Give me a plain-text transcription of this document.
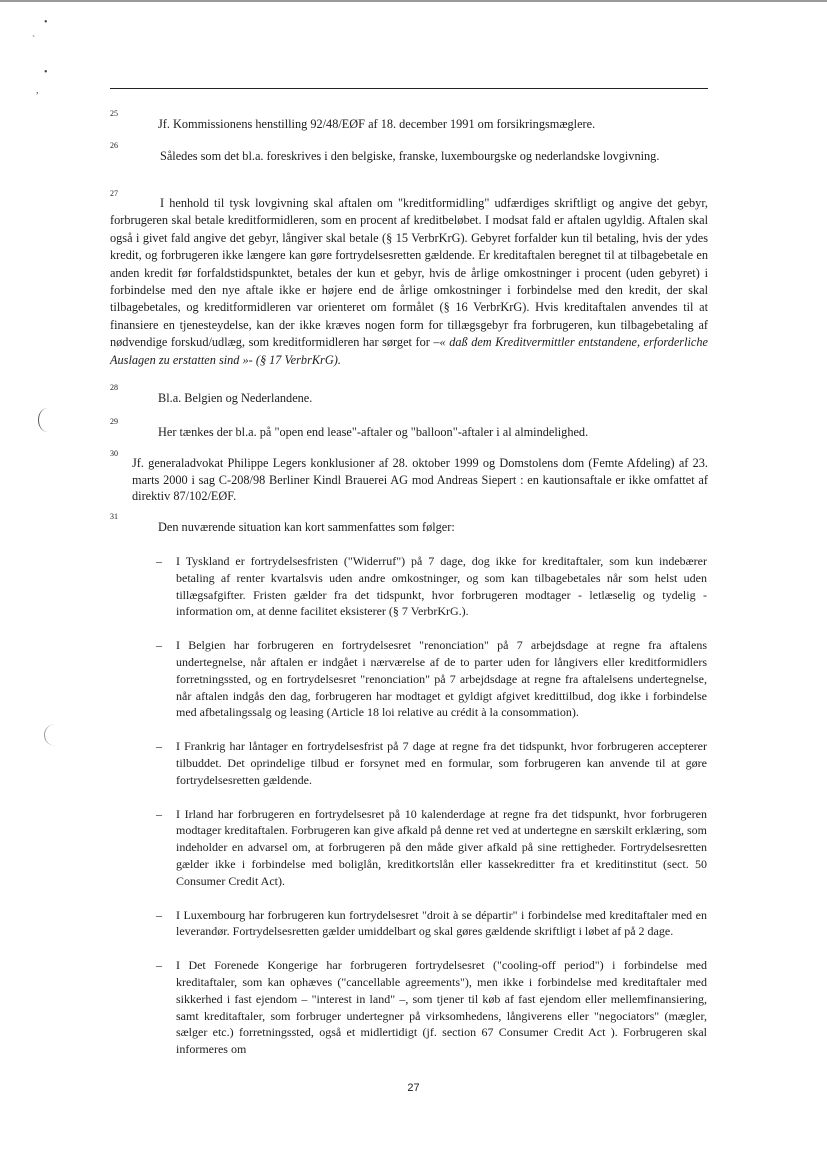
•
`
•
,
25
Jf. Kommissionens henstilling 92/48/EØF af 18. december 1991 om forsikringsmæglere.
26
Således som det bl.a. foreskrives i den belgiske, franske, luxembourgske og nederlandske lovgivning.
27
I henhold til tysk lovgivning skal aftalen om "kreditformidling" udfærdiges skriftligt og angive det gebyr, forbrugeren skal betale kreditformidleren, som en procent af kreditbeløbet. I modsat fald er aftalen ugyldig. Aftalen skal også i givet fald angive det gebyr, långiver skal betale (§ 15 VerbrKrG). Gebyret forfalder kun til betaling, hvis der ydes kredit, og forbrugeren ikke længere kan gøre fortrydelsesretten gældende. Er kreditaftalen beregnet til at tilbagebetale en anden kredit før forfaldstidspunktet, betales der kun et gebyr, hvis de årlige omkostninger i procent (uden gebyret) i forbindelse med den nye aftale ikke er højere end de årlige omkostninger i forbindelse med den kredit, der skal tilbagebetales, og kreditformidleren var orienteret om formålet (§ 16 VerbrKrG). Hvis kreditaftalen anvendes til at finansiere en tjenesteydelse, kan der ikke kræves nogen form for tillægsgebyr fra forbrugeren, kun tilbagebetaling af nødvendige forskud/udlæg, som kreditformidleren har sørget for –« daß dem Kreditvermittler entstandene, erforderliche Auslagen zu erstatten sind »- (§ 17 VerbrKrG).
28
Bl.a. Belgien og Nederlandene.
29
Her tænkes der bl.a. på "open end lease"-aftaler og "balloon"-aftaler i al almindelighed.
30
Jf. generaladvokat Philippe Legers konklusioner af 28. oktober 1999 og Domstolens dom (Femte Afdeling) af 23. marts 2000 i sag C-208/98 Berliner Kindl Brauerei AG mod Andreas Siepert : en kautionsaftale er ikke omfattet af direktiv 87/102/EØF.
31
Den nuværende situation kan kort sammenfattes som følger:
– I Tyskland er fortrydelsesfristen ("Widerruf") på 7 dage, dog ikke for kreditaftaler, som kun indebærer betaling af renter kvartalsvis uden andre omkostninger, og som kan tilbagebetales når som helst uden tillægsafgifter. Fristen gælder fra det tidspunkt, hvor forbrugeren modtager - letlæselig og tydelig - information om, at denne facilitet eksisterer (§ 7 VerbrKrG.).
– I Belgien har forbrugeren en fortrydelsesret "renonciation" på 7 arbejdsdage at regne fra aftalens undertegnelse, når aftalen er indgået i nærværelse af de to parter uden for långivers eller kreditformidlers forretningssted, og en fortrydelsesret "renonciation" på 7 arbejdsdage at regne fra aftalelsens undertegnelse, når aftalen indgås den dag, forbrugeren har modtaget et gyldigt afgivet kredittilbud, dog ikke i forbindelse med afbetalingssalg og leasing (Article 18 loi relative au crédit à la consommation).
– I Frankrig har låntager en fortrydelsesfrist på 7 dage at regne fra det tidspunkt, hvor forbrugeren accepterer tilbuddet. Det oprindelige tilbud er forsynet med en formular, som forbrugeren kan anvende til at gøre fortrydelsesretten gældende.
– I Irland har forbrugeren en fortrydelsesret på 10 kalenderdage at regne fra det tidspunkt, hvor forbrugeren modtager kreditaftalen. Forbrugeren kan give afkald på denne ret ved at undertegne en særskilt erklæring, som indeholder en advarsel om, at forbrugeren på den måde giver afkald på sine rettigheder. Fortrydelsesretten gælder ikke i forbindelse med boliglån, kreditkortslån eller kassekreditter fra et kreditinstitut (sect. 50 Consumer Credit Act).
– I Luxembourg har forbrugeren kun fortrydelsesret "droit à se départir" i forbindelse med kreditaftaler med en leverandør. Fortrydelsesretten gælder umiddelbart og skal gøres gældende skriftligt i løbet af på 2 dage.
– I Det Forenede Kongerige har forbrugeren fortrydelsesret ("cooling-off period") i forbindelse med kreditaftaler, som kan ophæves ("cancellable agreements"), men ikke i forbindelse med kreditaftaler med sikkerhed i fast ejendom – "interest in land" –, som tjener til køb af fast ejendom eller mellemfinansiering, samt kreditaftaler, som forbruger undertegner på virksomhedens, långiverens eller "negociators" (mægler, sælger etc.) forretningssted, også et midlertidigt (jf. section 67 Consumer Credit Act ). Forbrugeren skal informeres om
27
